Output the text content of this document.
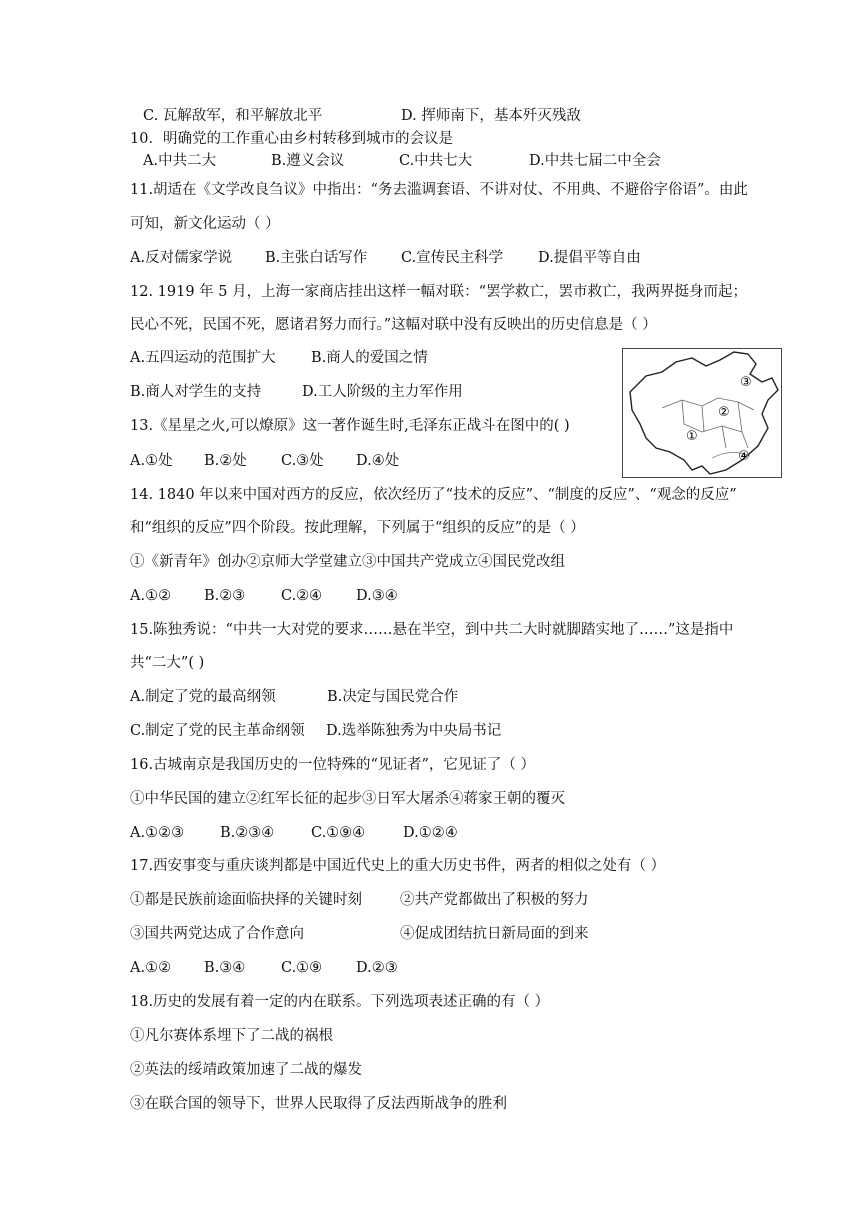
C. 瓦解敌军，和平解放北平	D. 挥师南下，基本歼灭残敌
10．明确党的工作重心由乡村转移到城市的会议是
A.中共二大	B.遵义会议	C.中共七大	D.中共七届二中全会
11.胡适在《文学改良刍议》中指出：“务去滥调套语、不讲对仗、不用典、不避俗字俗语”。由此
可知，新文化运动（ ）
A.反对儒家学说 B.主张白话写作 C.宣传民主科学 D.提倡平等自由
12. 1919 年 5 月，上海一家商店挂出这样一幅对联：“罢学救亡，罢市救亡，我两界挺身而起；
民心不死，民国不死，愿诸君努力而行。”这幅对联中没有反映出的历史信息是（ ）
A.五四运动的范围扩大 B.商人的爱国之情
B.商人对学生的支持	D.工人阶级的主力军作用
13.《星星之火,可以燎原》这一著作诞生时,毛泽东正战斗在图中的( )
A.①处 B.②处 C.③处 D.④处
14. 1840 年以来中国对西方的反应，依次经历了“技术的反应”、“制度的反应”、“观念的反应”
和“组织的反应”四个阶段。按此理解，下列属于“组织的反应”的是（ ）
①《新青年》创办②京师大学堂建立③中国共产党成立④国民党改组
A.①② B.②③ C.②④ D.③④
15.陈独秀说：“中共一大对党的要求……悬在半空，到中共二大时就脚踏实地了……”这是指中
共“二大”( )
A.制定了党的最高纲领	B.决定与国民党合作
C.制定了党的民主革命纲领 D.选举陈独秀为中央局书记
16.古城南京是我国历史的一位特殊的“见证者”，它见证了（ ）
①中华民国的建立②红军长征的起步③日军大屠杀④蒋家王朝的覆灭
A.①②③ B.②③④	C.①⑨④	D.①②④
17.西安事变与重庆谈判都是中国近代史上的重大历史书件，两者的相似之处有（ ）
①都是民族前途面临抉择的关键时刻	②共产党都做出了积极的努力
③国共两党达成了合作意向	④促成团结抗日新局面的到来
A.①② B.③④ C.①⑨ D.②③
18.历史的发展有着一定的内在联系。下列选项表述正确的有（ ）
①凡尔赛体系埋下了二战的祸根
②英法的绥靖政策加速了二战的爆发
③在联合国的领导下，世界人民取得了反法西斯战争的胜利
①
②
③
④
